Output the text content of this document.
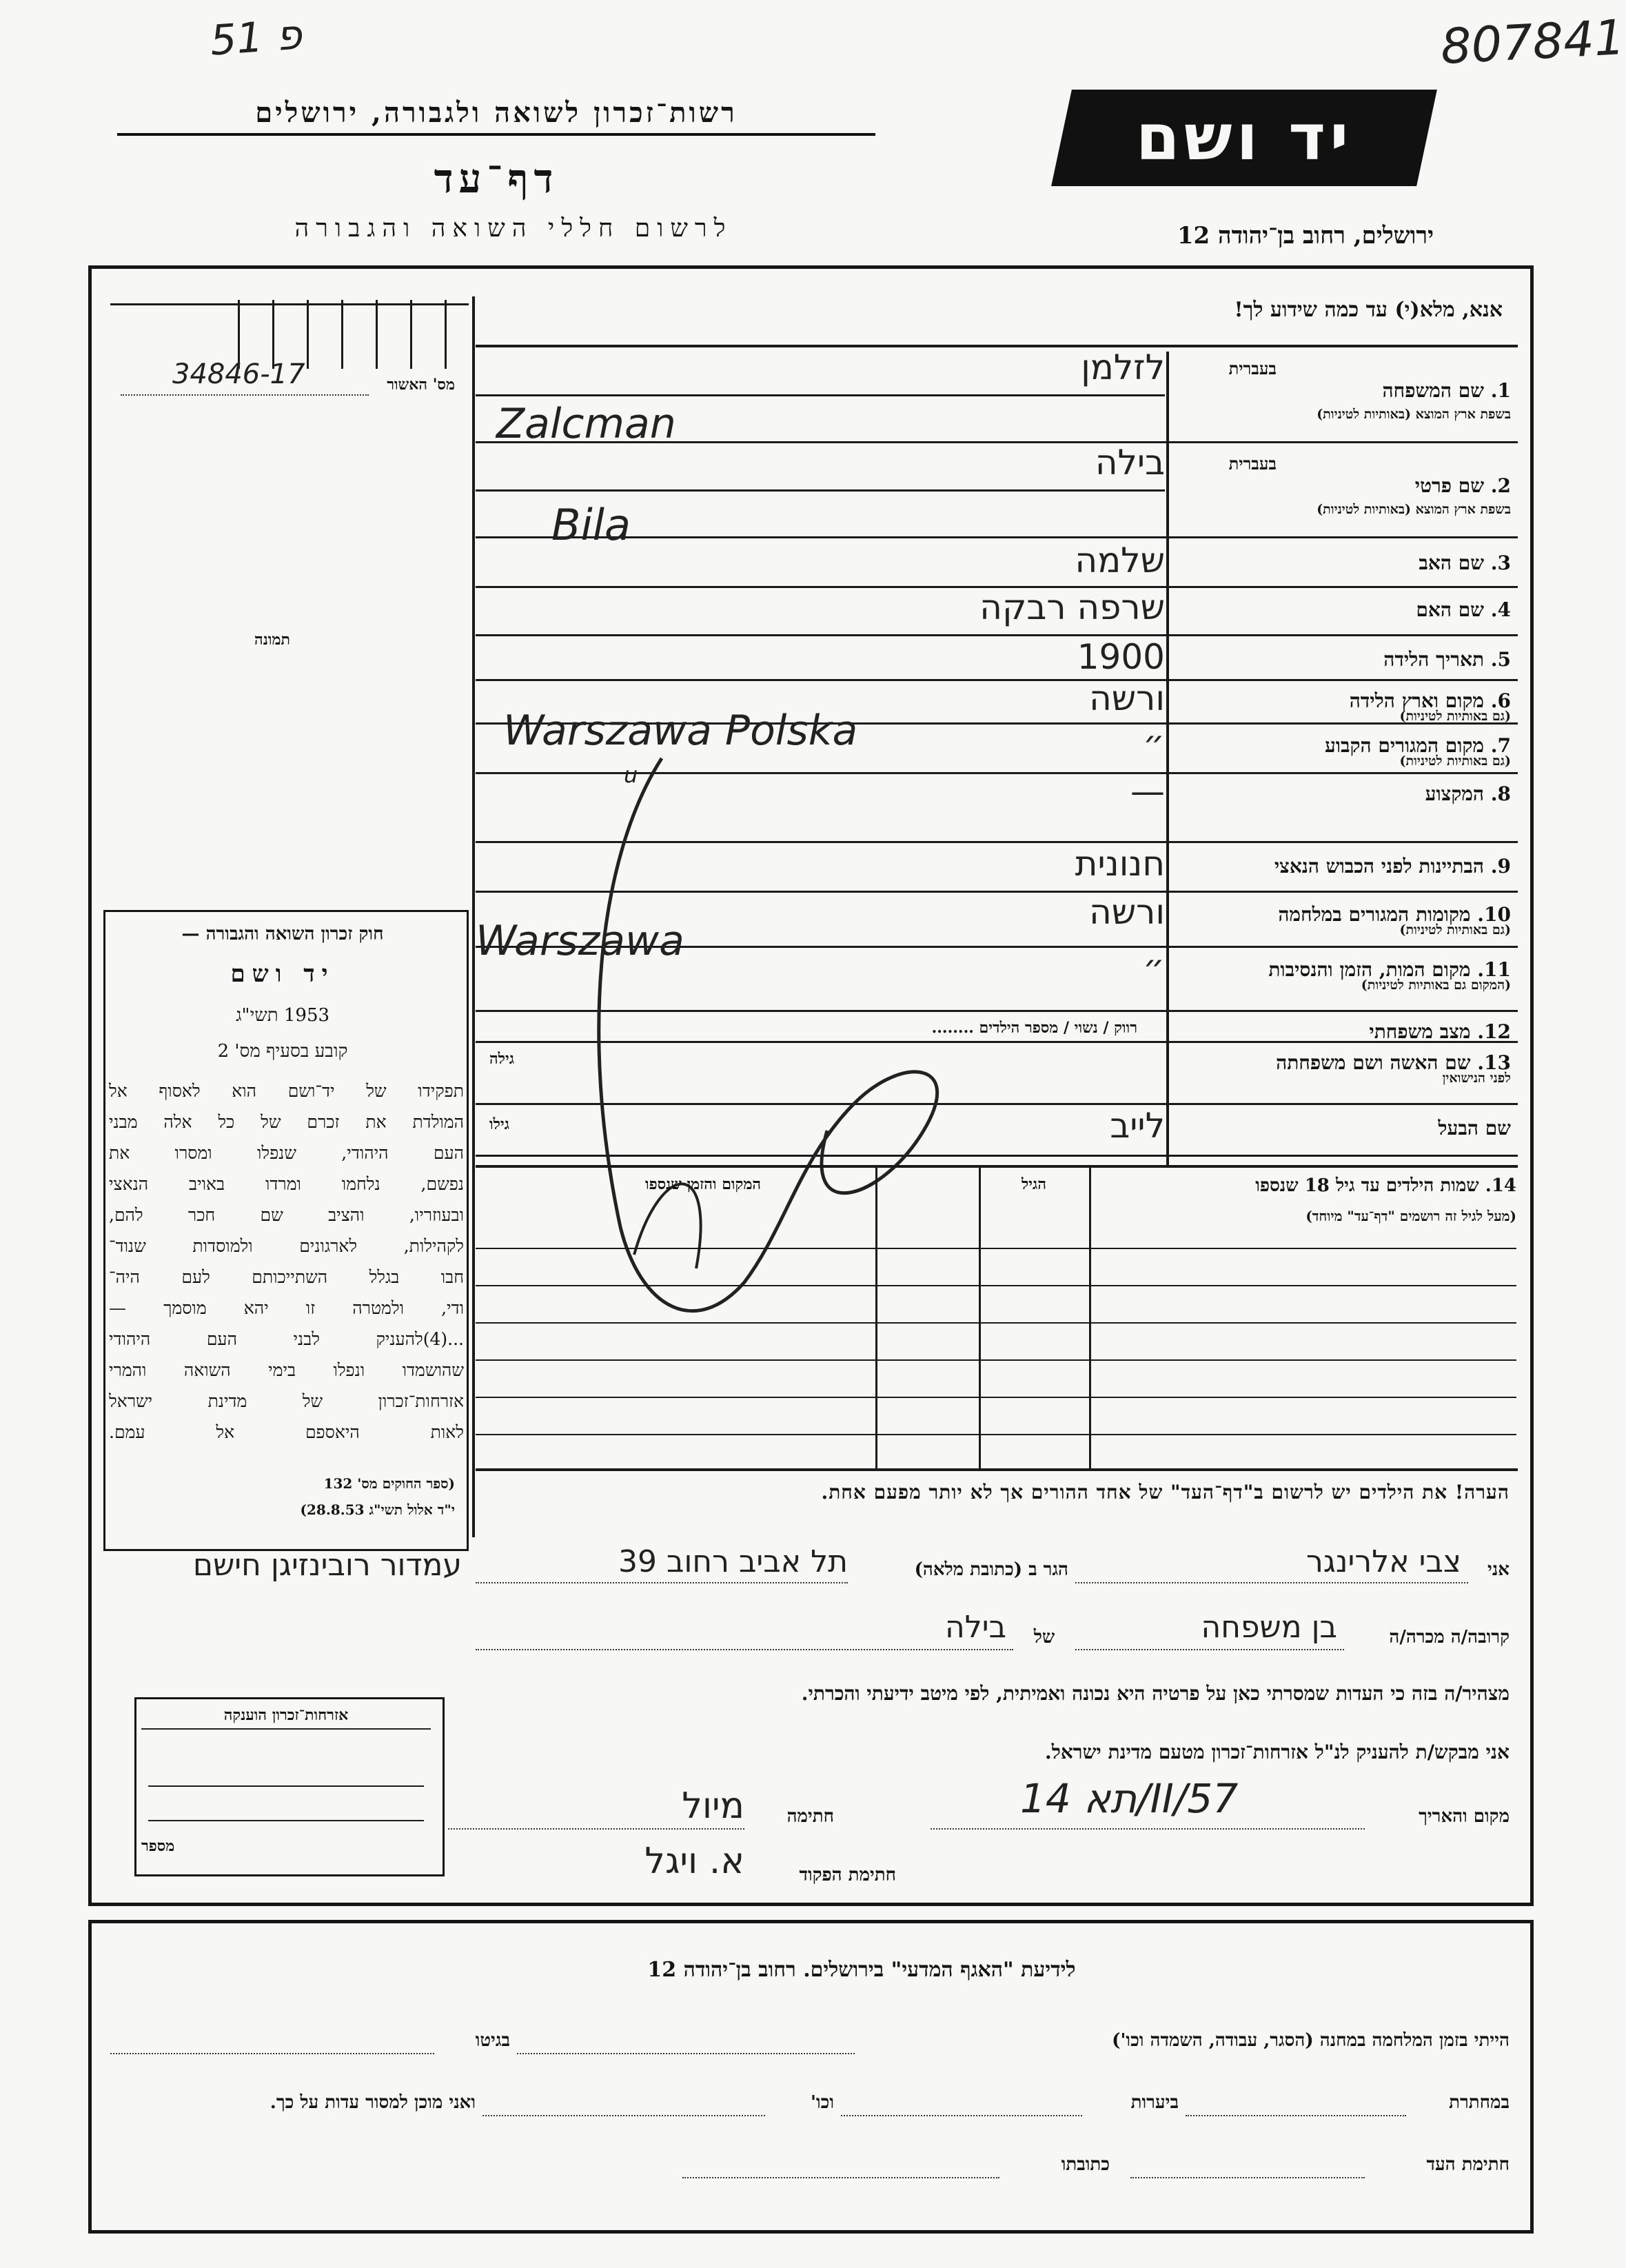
פ 51	807841
רשות־זכרון לשואה ולגבורה, ירושלים
דף־עד
לרשום חללי השואה והגבורה
יד ושם
ירושלים, רחוב בן־יהודה 12
מס' האשור
34846-17
תמונה
חוק זכרון השואה והגבורה —
יד ושם
תשי"ג 1953
קובע בסעיף מס' 2
תפקידו של יד־ושם הוא לאסוף אל
המולדת את זכרם של כל אלה מבני
העם היהודי, שנפלו ומסרו את
נפשם, נלחמו ומרדו באויב הנאצי
ובעוזריו, והציב שם חכר להם,
לקהילות, לארגונים ולמוסדות שנוד־
חבו בגלל השתייכותם לעם היה־
ודי, ולמטרה זו יהא מוסמך —
...(4)להעניק לבני העם היהודי
שהושמדו ונפלו בימי השואה והמרי
אזרחות־זכרון של מדינת ישראל
לאות היאספם אל עמם.
(ספר החוקים מס' 132
י"ד אלול תשי"ג 28.8.53)
אנא, מלא(י) עד כמה שידוע לך!
1. שם המשפחה
בשפת ארץ המוצא (באותיות לטיניות)
בעברית
לזלמן
2. שם פרטי
בשפת ארץ המוצא (באותיות לטיניות)
בעברית
בילה
3. שם האב
שלמה
4. שם האם
שרפה רבקה
5. תאריך הלידה
1900
6. מקום וארץ הלידה
(גם באותיות לטיניות)
ורשה
7. מקום המגורים הקבוע
(גם באותיות לטיניות)
״
8. המקצוע
—
9. הבתיינות לפני הכבוש הנאצי
חנונית
10. מקומות המגורים במלחמה
(גם באותיות לטיניות)
ורשה
11. מקום המות, הזמן והנסיבות
(המקום גם באותיות לטיניות)
״
12. מצב משפחתי
רווק / נשוי / מספר הילדים ........
13. שם האשה ושם משפחתה
לפני הנישואין
גילה
שם הבעל
גילו	לייב
Zalcman
Bila
Warszawa Polska
u
Warszawa
14. שמות הילדים עד גיל 18 שנספו
(מעל לגיל זה רושמים "דף־עד" מיוחד)
הגיל
המקום והזמן שנספו
הערה! את הילדים יש לרשום ב"דף־העד" של אחד ההורים אך לא יותר מפעם אחת.
אני
צבי אלרינגר
הגר ב (כתובת מלאה)
תל אביב רחוב 39
עמדור רובינזיגן חישם
קרובה/ה מכרה/ה
בן משפחה
של
בילה
מצהיר/ה בזה כי העדות שמסרתי כאן על פרטיה היא נכונה ואמיתית, לפי מיטב ידיעתי והכרתי.
אני מבקש/ת להעניק לנ"ל אזרחות־זכרון מטעם מדינת ישראל.
מקום והאריך
תא 14/II/57
חתימה
מיול
חתימת הפקוד
א. ויגל
אזרחות־זכרון הוענקה
מספר
לידיעת "האגף המדעי" בירושלים. רחוב בן־יהודה 12
הייתי בזמן המלחמה במחנה (הסגר, עבודה, השמדה וכו')
בגיטו
במחתרת
ביערות
וכו'
ואני מוכן למסור עדות על כך.
חתימת העד
כתובתו
